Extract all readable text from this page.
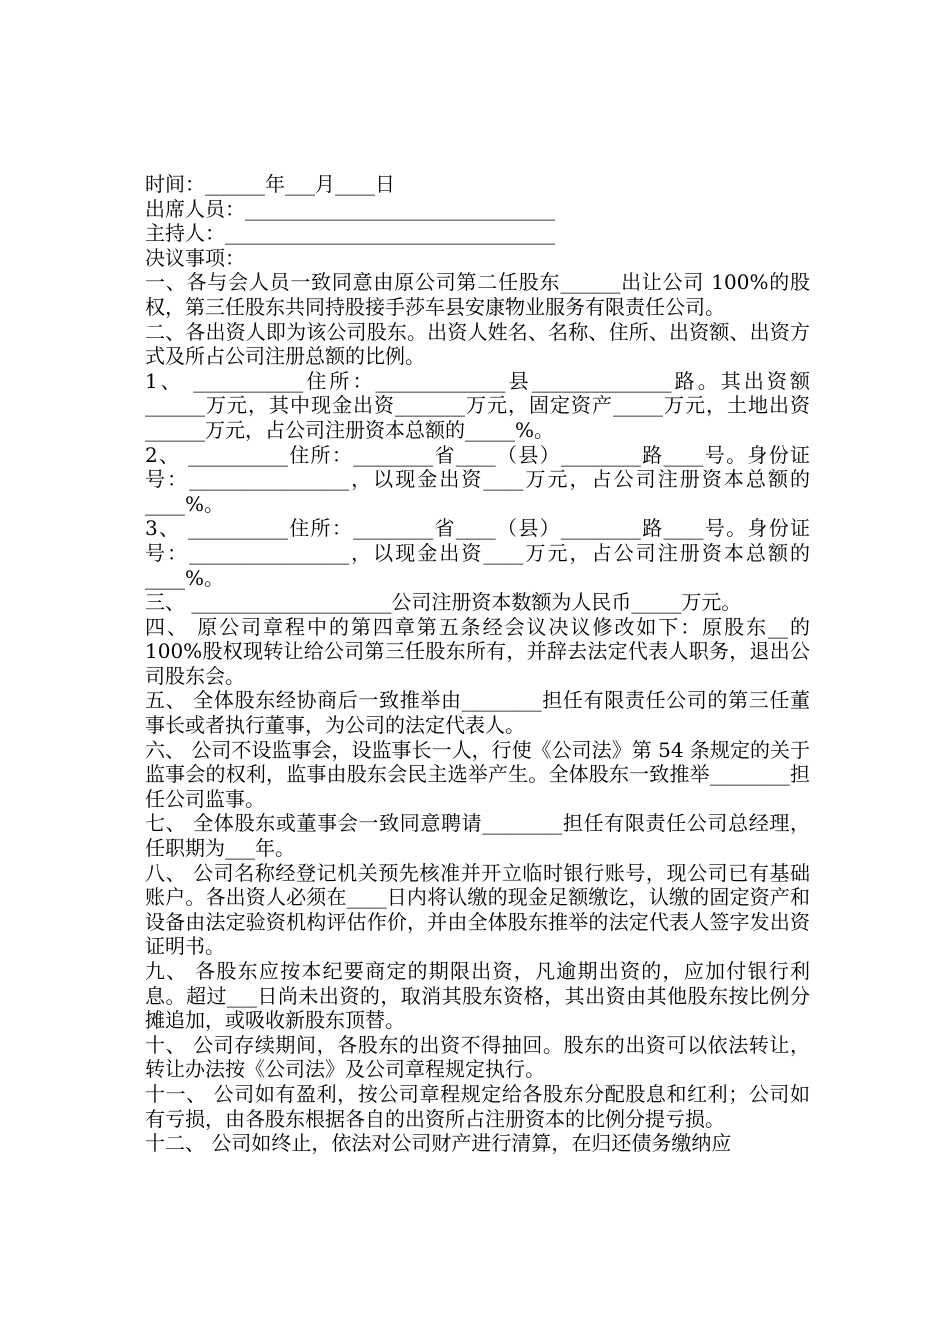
时间：______年___月____日
出席人员：_______________________________
主持人：_________________________________
决议事项：
一、各与会人员一致同意由原公司第二任股东______出让公司 100%的股权，第三任股东共同持股接手莎车县安康物业服务有限责任公司。
二、各出资人即为该公司股东。出资人姓名、名称、住所、出资额、出资方式及所占公司注册总额的比例。
1、 ___________住所：_____________县______________路。其出资额______万元，其中现金出资_______万元，固定资产_____万元，土地出资______万元，占公司注册资本总额的_____%。
2、 __________住所：________省____（县）________路____号。身份证号：________________，以现金出资____万元，占公司注册资本总额的____%。
3、 __________住所：________省____（县）________路____号。身份证号：________________，以现金出资____万元，占公司注册资本总额的____%。
三、 ____________________公司注册资本数额为人民币_____万元。
四、 原公司章程中的第四章第五条经会议决议修改如下：原股东__的 100%股权现转让给公司第三任股东所有，并辞去法定代表人职务，退出公司股东会。
五、 全体股东经协商后一致推举由________担任有限责任公司的第三任董事长或者执行董事，为公司的法定代表人。
六、 公司不设监事会，设监事长一人，行使《公司法》第 54 条规定的关于监事会的权利，监事由股东会民主选举产生。全体股东一致推举________担任公司监事。
七、 全体股东或董事会一致同意聘请________担任有限责任公司总经理，任职期为___年。
八、 公司名称经登记机关预先核准并开立临时银行账号，现公司已有基础账户。各出资人必须在____日内将认缴的现金足额缴讫，认缴的固定资产和设备由法定验资机构评估作价，并由全体股东推举的法定代表人签字发出资证明书。
九、 各股东应按本纪要商定的期限出资，凡逾期出资的，应加付银行利息。超过___日尚未出资的，取消其股东资格，其出资由其他股东按比例分摊追加，或吸收新股东顶替。
十、 公司存续期间，各股东的出资不得抽回。股东的出资可以依法转让，转让办法按《公司法》及公司章程规定执行。
十一、 公司如有盈利，按公司章程规定给各股东分配股息和红利；公司如有亏损，由各股东根据各自的出资所占注册资本的比例分提亏损。
十二、 公司如终止，依法对公司财产进行清算，在归还债务缴纳应
